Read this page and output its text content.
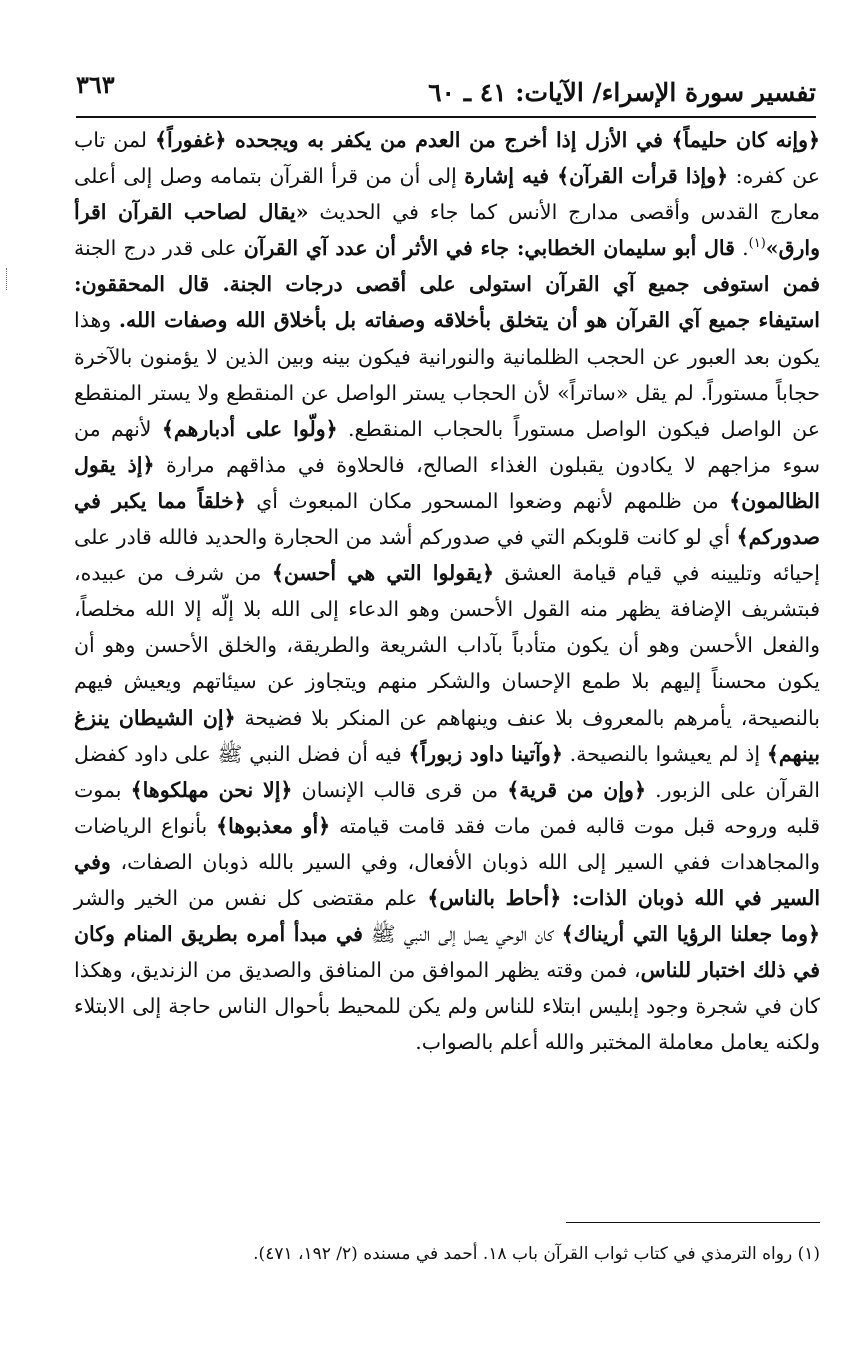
تفسير سورة الإسراء/ الآيات: ٤١ ـ ٦٠
٣٦٣

﴿وإنه كان حليماً﴾ في الأزل إذا أخرج من العدم من يكفر به ويجحده ﴿غفوراً﴾ لمن تاب عن كفره: ﴿وإذا قرأت القرآن﴾ فيه إشارة إلى أن من قرأ القرآن بتمامه وصل إلى أعلى معارج القدس وأقصى مدارج الأنس كما جاء في الحديث «يقال لصاحب القرآن اقرأ وارق»$^{(١)}$. قال أبو سليمان الخطابي: جاء في الأثر أن عدد آي القرآن على قدر درج الجنة فمن استوفى جميع آي القرآن استولى على أقصى درجات الجنة. قال المحققون: استيفاء جميع آي القرآن هو أن يتخلق بأخلاقه وصفاته بل بأخلاق الله وصفات الله. وهذا يكون بعد العبور عن الحجب الظلمانية والنورانية فيكون بينه وبين الذين لا يؤمنون بالآخرة حجاباً مستوراً. لم يقل «ساتراً» لأن الحجاب يستر الواصل عن المنقطع ولا يستر المنقطع عن الواصل فيكون الواصل مستوراً بالحجاب المنقطع. ﴿ولّوا على أدبارهم﴾ لأنهم من سوء مزاجهم لا يكادون يقبلون الغذاء الصالح، فالحلاوة في مذاقهم مرارة ﴿إذ يقول الظالمون﴾ من ظلمهم لأنهم وضعوا المسحور مكان المبعوث أي ﴿خلقاً مما يكبر في صدوركم﴾ أي لو كانت قلوبكم التي في صدوركم أشد من الحجارة والحديد فالله قادر على إحيائه وتليينه في قيام قيامة العشق ﴿يقولوا التي هي أحسن﴾ من شرف من عبيده، فبتشريف الإضافة يظهر منه القول الأحسن وهو الدعاء إلى الله بلا إلّه إلا الله مخلصاً، والفعل الأحسن وهو أن يكون متأدباً بآداب الشريعة والطريقة، والخلق الأحسن وهو أن يكون محسناً إليهم بلا طمع الإحسان والشكر منهم ويتجاوز عن سيئاتهم ويعيش فيهم بالنصيحة، يأمرهم بالمعروف بلا عنف وينهاهم عن المنكر بلا فضيحة ﴿إن الشيطان ينزغ بينهم﴾ إذ لم يعيشوا بالنصيحة. ﴿وآتينا داود زبوراً﴾ فيه أن فضل النبي ﷺ على داود كفضل القرآن على الزبور. ﴿وإن من قرية﴾ من قرى قالب الإنسان ﴿إلا نحن مهلكوها﴾ بموت قلبه وروحه قبل موت قالبه فمن مات فقد قامت قيامته ﴿أو معذبوها﴾ بأنواع الرياضات والمجاهدات ففي السير إلى الله ذوبان الأفعال، وفي السير بالله ذوبان الصفات، وفي السير في الله ذوبان الذات: ﴿أحاط بالناس﴾ علم مقتضى كل نفس من الخير والشر ﴿وما جعلنا الرؤيا التي أريناك﴾ كان الوحي يصل إلى النبي ﷺ في مبدأ أمره بطريق المنام وكان في ذلك اختبار للناس، فمن وقته يظهر الموافق من المنافق والصديق من الزنديق، وهكذا كان في شجرة وجود إبليس ابتلاء للناس ولم يكن للمحيط بأحوال الناس حاجة إلى الابتلاء ولكنه يعامل معاملة المختبر والله أعلم بالصواب.

(١) رواه الترمذي في كتاب ثواب القرآن باب ١٨. أحمد في مسنده (٢/ ١٩٢، ٤٧١).
